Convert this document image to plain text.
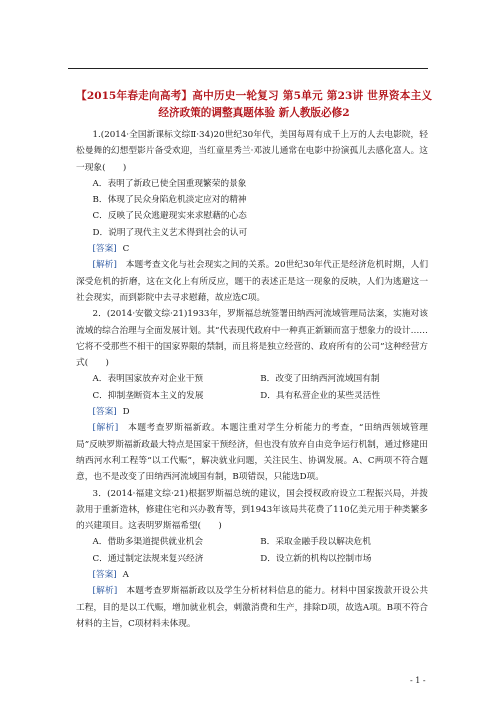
【2015年春走向高考】高中历史一轮复习 第5单元 第23讲 世界资本主义经济政策的调整真题体验 新人教版必修2

1.(2014·全国新课标文综Ⅱ·34)20世纪30年代，美国每周有成千上万的人去电影院，轻松曼舞的幻想型影片备受欢迎，当红童星秀兰·邓波儿通常在电影中扮演孤儿去感化富人。这一现象(　　)

A．表明了新政已使全国重现繁荣的景象

B．体现了民众身陷危机淡定应对的精神

C．反映了民众逃避现实来求慰藉的心态

D．说明了现代主义艺术得到社会的认可

[答案] C

[解析]　 本题考查文化与社会现实之间的关系。20世纪30年代正是经济危机时期，人们深受危机的折磨，这在文化上有所反应，题干的表述正是这一现象的反映，人们为逃避这一社会现实，而到影院中去寻求慰藉，故应选C项。

2．(2014·安徽文综·21)1933年，罗斯福总统签署田纳西河流域管理局法案，实施对该流域的综合治理与全面发展计划。其“代表现代政府中一种真正新颖而富于想象力的设计……它将不受那些不相干的国家界限的禁制，而且将是独立经营的、政府所有的公司”这种经营方式(　　)

A．表明国家放弃对企业干预	B．改变了田纳西河流域国有制
C．抑制垄断资本主义的发展	D．具有私营企业的某些灵活性

[答案] D

[解析]　 本题考查罗斯福新政。本题注重对学生分析能力的考查，“田纳西领域管理局”反映罗斯福新政最大特点是国家干预经济，但也没有放弃自由竞争运行机制，通过修建田纳西河水利工程等“以工代赈”，解决就业问题，关注民生、协调发展。A、C两项不符合题意，也不是改变了田纳西河流域国有制，B项错误，只能选D项。

3．(2014·福建文综·21)根据罗斯福总统的建议，国会授权政府设立工程振兴局，并拨款用于重新造林，修建住宅和兴办教育等，到1943年该局共花费了110亿美元用于种类繁多的兴建项目。这表明罗斯福希望(　　)

A．借助多渠道提供就业机会	B．采取金融手段以解决危机
C．通过制定法规来复兴经济	D．设立新的机构以控制市场

[答案] A

[解析]　 本题考查罗斯福新政以及学生分析材料信息的能力。材料中国家拨款开设公共工程，目的是以工代赈，增加就业机会，刺激消费和生产，排除D项，故选A项。B项不符合材料的主旨，C项材料未体现。

- 1 -
